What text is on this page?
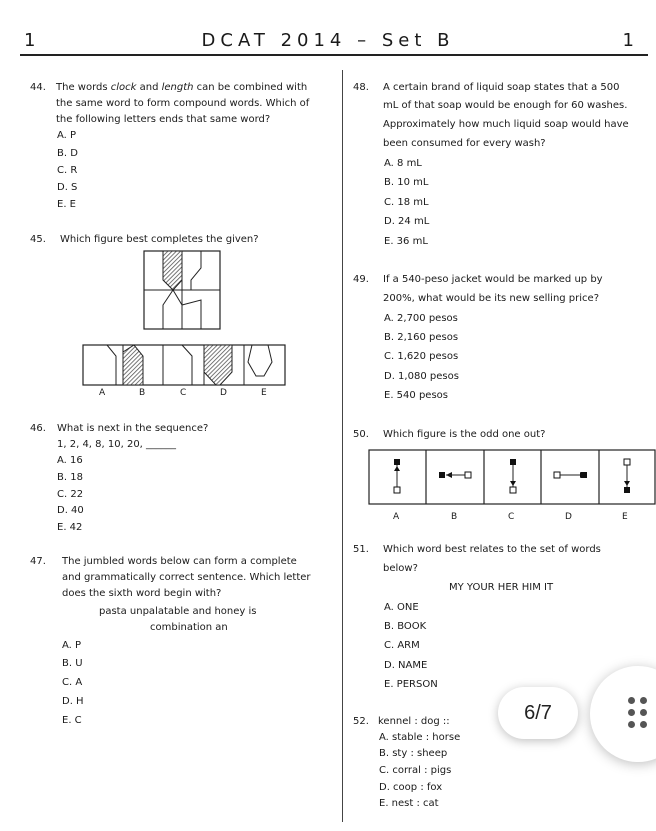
1	DCAT 2014 – Set B	1
44. The words clock and length can be combined with
the same word to form compound words. Which of
the following letters ends that same word?
A. P
B. D
C. R
D. S
E. E
45. Which figure best completes the given?
A	B	C	D	E
46. What is next in the sequence?
1, 2, 4, 8, 10, 20, ______
A. 16
B. 18
C. 22
D. 40
E. 42
47. The jumbled words below can form a complete
and grammatically correct sentence. Which letter
does the sixth word begin with?
pasta unpalatable and honey is
combination an
A. P
B. U
C. A
D. H
E. C
48. A certain brand of liquid soap states that a 500
mL of that soap would be enough for 60 washes.
Approximately how much liquid soap would have
been consumed for every wash?
A. 8 mL
B. 10 mL
C. 18 mL
D. 24 mL
E. 36 mL
49. If a 540-peso jacket would be marked up by
200%, what would be its new selling price?
A. 2,700 pesos
B. 2,160 pesos
C. 1,620 pesos
D. 1,080 pesos
E. 540 pesos
50. Which figure is the odd one out?
A	B	C	D	E
51. Which word best relates to the set of words
below?
MY YOUR HER HIM IT
A. ONE
B. BOOK
C. ARM
D. NAME
E. PERSON
52. kennel : dog ::
A. stable : horse
B. sty : sheep
C. corral : pigs
D. coop : fox
E. nest : cat
6/7
